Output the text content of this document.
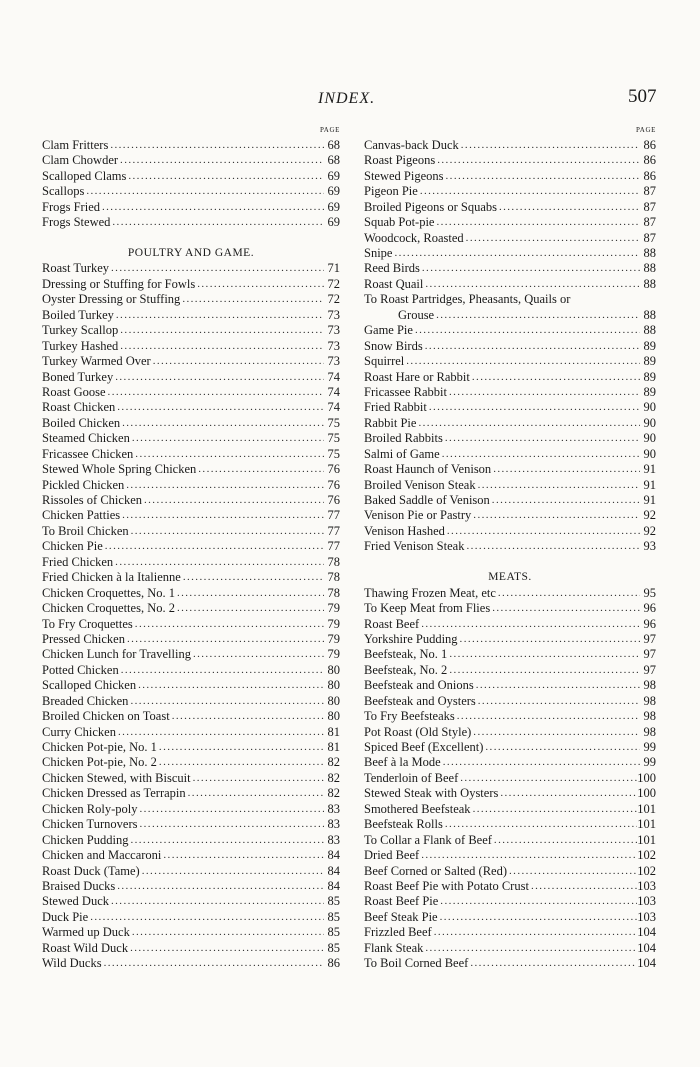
INDEX.	507
PAGE
Clam Fritters .....	68
Clam Chowder .....	68
Scalloped Clams .....	69
Scallops .....	69
Frogs Fried .....	69
Frogs Stewed .....	69
POULTRY AND GAME.
Roast Turkey .....	71
Dressing or Stuffing for Fowls .....	72
Oyster Dressing or Stuffing .....	72
Boiled Turkey .....	73
Turkey Scallop .....	73
Turkey Hashed .....	73
Turkey Warmed Over .....	73
Boned Turkey .....	74
Roast Goose .....	74
Roast Chicken .....	74
Boiled Chicken .....	75
Steamed Chicken .....	75
Fricassee Chicken .....	75
Stewed Whole Spring Chicken .....	76
Pickled Chicken .....	76
Rissoles of Chicken .....	76
Chicken Patties .....	77
To Broil Chicken .....	77
Chicken Pie .....	77
Fried Chicken .....	78
Fried Chicken à la Italienne .....	78
Chicken Croquettes, No. 1 .....	78
Chicken Croquettes, No. 2 .....	79
To Fry Croquettes .....	79
Pressed Chicken .....	79
Chicken Lunch for Travelling .....	79
Potted Chicken .....	80
Scalloped Chicken .....	80
Breaded Chicken .....	80
Broiled Chicken on Toast .....	80
Curry Chicken .....	81
Chicken Pot-pie, No. 1 .....	81
Chicken Pot-pie, No. 2 .....	82
Chicken Stewed, with Biscuit .....	82
Chicken Dressed as Terrapin .....	82
Chicken Roly-poly .....	83
Chicken Turnovers .....	83
Chicken Pudding .....	83
Chicken and Maccaroni .....	84
Roast Duck (Tame) .....	84
Braised Ducks .....	84
Stewed Duck .....	85
Duck Pie .....	85
Warmed up Duck .....	85
Roast Wild Duck .....	85
Wild Ducks .....	86
PAGE
Canvas-back Duck .....	86
Roast Pigeons .....	86
Stewed Pigeons .....	86
Pigeon Pie .....	87
Broiled Pigeons or Squabs .....	87
Squab Pot-pie .....	87
Woodcock, Roasted .....	87
Snipe .....	88
Reed Birds .....	88
Roast Quail .....	88
To Roast Partridges, Pheasants, Quails or
Grouse .....	88
Game Pie .....	88
Snow Birds .....	89
Squirrel .....	89
Roast Hare or Rabbit .....	89
Fricassee Rabbit .....	89
Fried Rabbit .....	90
Rabbit Pie .....	90
Broiled Rabbits .....	90
Salmi of Game .....	90
Roast Haunch of Venison .....	91
Broiled Venison Steak .....	91
Baked Saddle of Venison .....	91
Venison Pie or Pastry .....	92
Venison Hashed .....	92
Fried Venison Steak .....	93
MEATS.
Thawing Frozen Meat, etc .....	95
To Keep Meat from Flies .....	96
Roast Beef .....	96
Yorkshire Pudding .....	97
Beefsteak, No. 1 .....	97
Beefsteak, No. 2 .....	97
Beefsteak and Onions .....	98
Beefsteak and Oysters .....	98
To Fry Beefsteaks .....	98
Pot Roast (Old Style) .....	98
Spiced Beef (Excellent) .....	99
Beef à la Mode .....	99
Tenderloin of Beef .....	100
Stewed Steak with Oysters .....	100
Smothered Beefsteak .....	101
Beefsteak Rolls .....	101
To Collar a Flank of Beef .....	101
Dried Beef .....	102
Beef Corned or Salted (Red) .....	102
Roast Beef Pie with Potato Crust .....	103
Roast Beef Pie .....	103
Beef Steak Pie .....	103
Frizzled Beef .....	104
Flank Steak .....	104
To Boil Corned Beef .....	104
